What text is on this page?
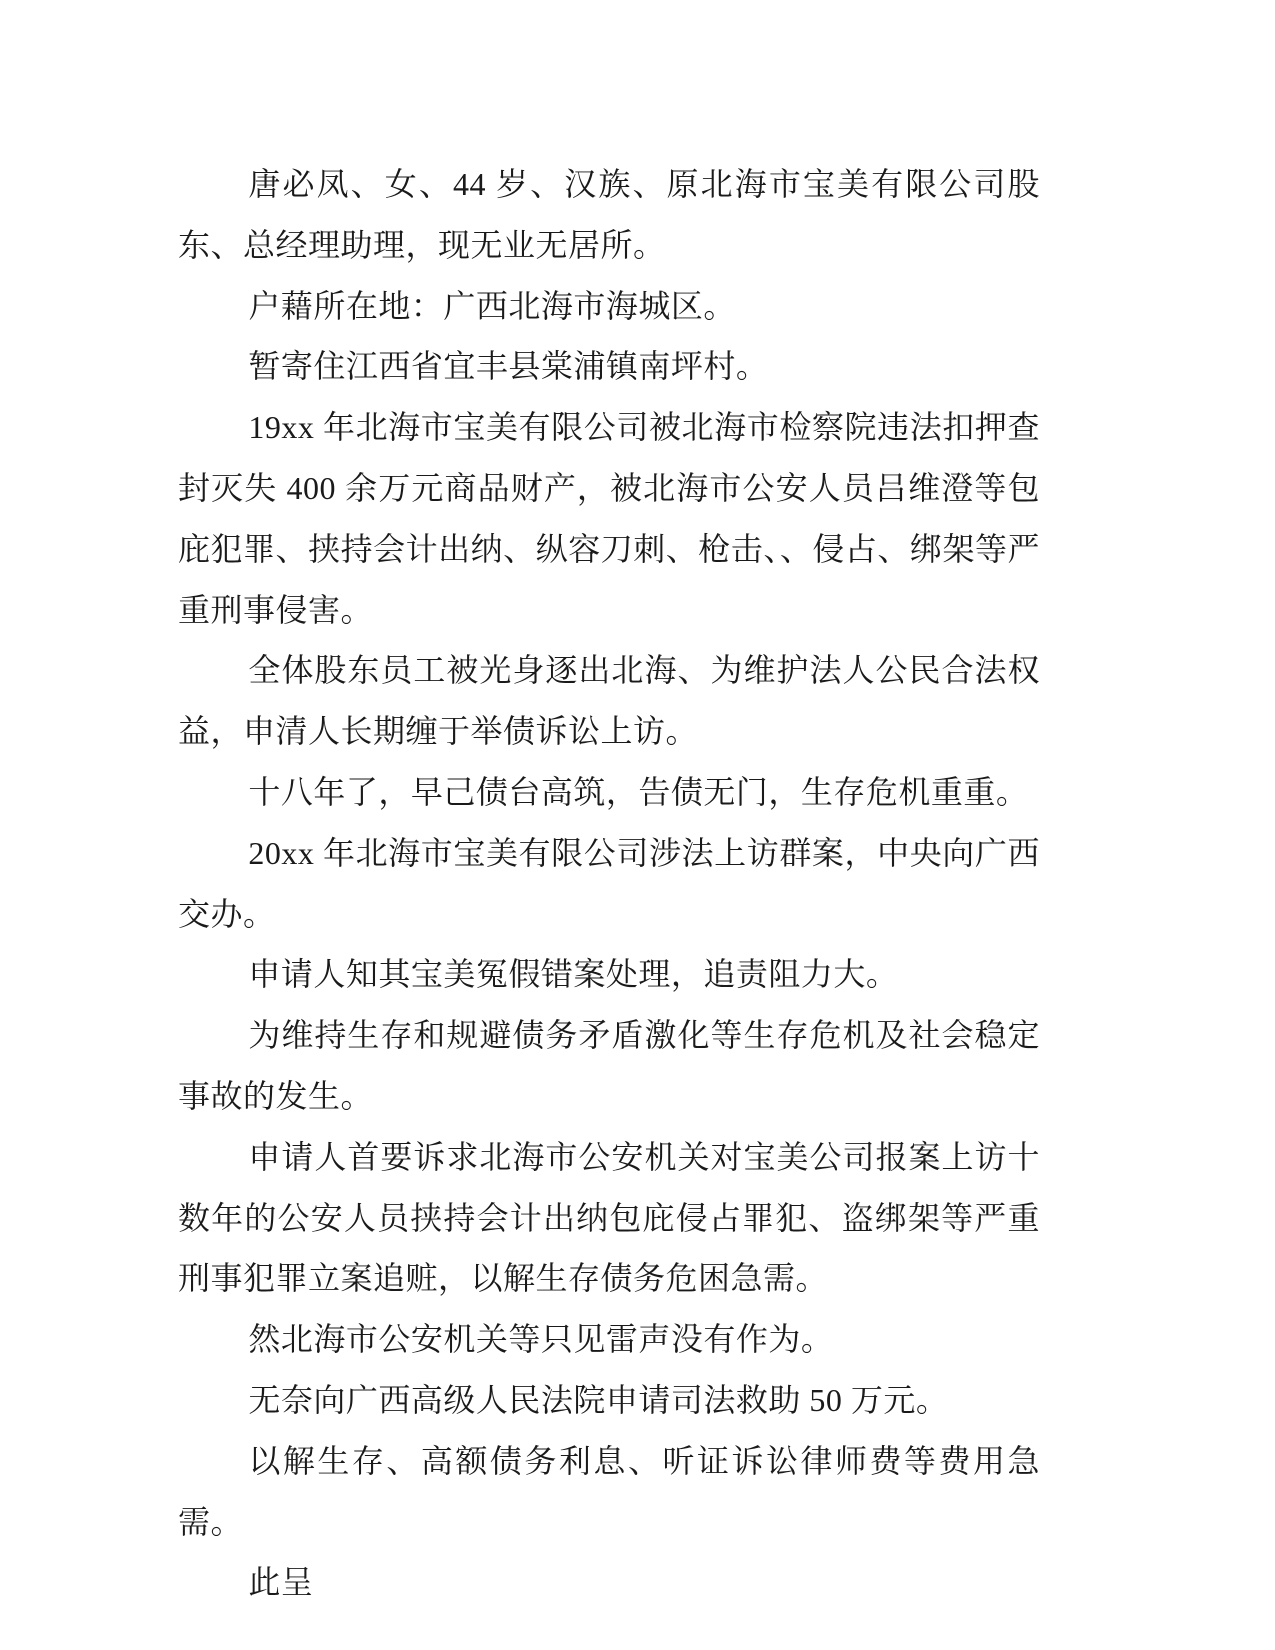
唐必凤、女、44 岁、汉族、原北海市宝美有限公司股东、总经理助理，现无业无居所。

户藉所在地：广西北海市海城区。

暂寄住江西省宜丰县棠浦镇南坪村。

19xx 年北海市宝美有限公司被北海市检察院违法扣押查封灭失 400 余万元商品财产，被北海市公安人员吕维澄等包庇犯罪、挟持会计出纳、纵容刀刺、枪击、、侵占、绑架等严重刑事侵害。

全体股东员工被光身逐出北海、为维护法人公民合法权益，申清人长期缠于举债诉讼上访。

十八年了，早己债台高筑，告债无门，生存危机重重。

20xx 年北海市宝美有限公司涉法上访群案，中央向广西交办。

申请人知其宝美冤假错案处理，追责阻力大。

为维持生存和规避债务矛盾激化等生存危机及社会稳定事故的发生。

申请人首要诉求北海市公安机关对宝美公司报案上访十数年的公安人员挟持会计出纳包庇侵占罪犯、盗绑架等严重刑事犯罪立案追赃，以解生存债务危困急需。

然北海市公安机关等只见雷声没有作为。

无奈向广西高级人民法院申请司法救助 50 万元。

以解生存、高额债务利息、听证诉讼律师费等费用急需。

此呈
